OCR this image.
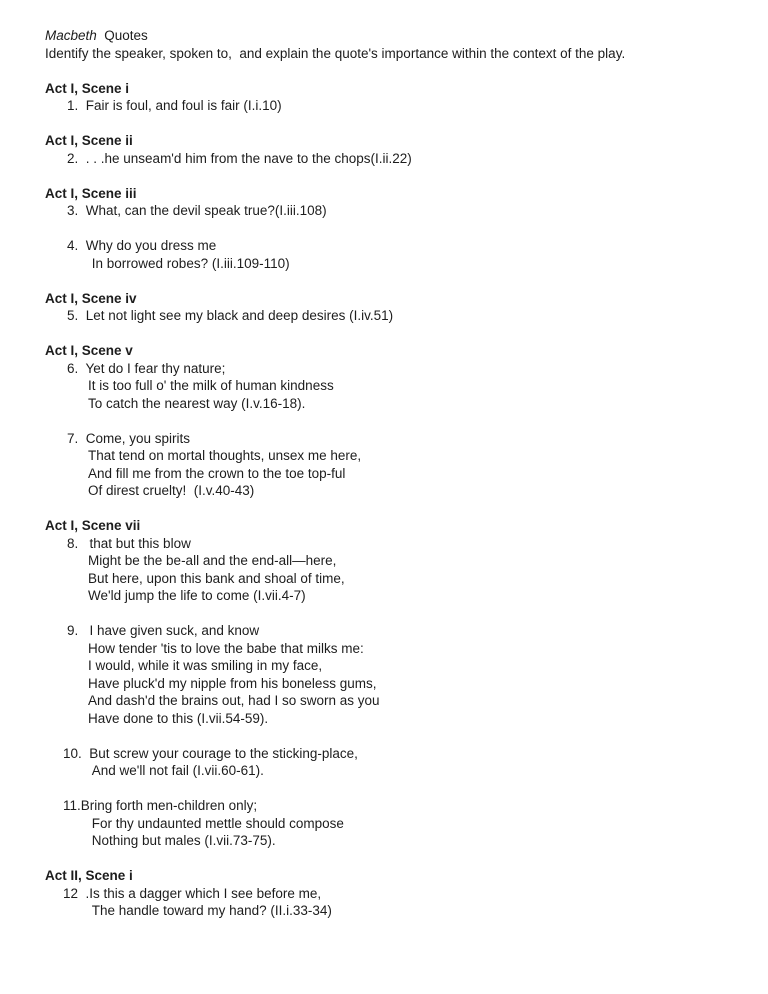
Macbeth  Quotes
Identify the speaker, spoken to,  and explain the quote's importance within the context of the play.
Act I, Scene i
1.  Fair is foul, and foul is fair (I.i.10)
Act I, Scene ii
2.  . . .he unseam'd him from the nave to the chops(I.ii.22)
Act I, Scene iii
3.  What, can the devil speak true?(I.iii.108)
4.  Why do you dress me
In borrowed robes? (I.iii.109-110)
Act I, Scene iv
5.  Let not light see my black and deep desires (I.iv.51)
Act I, Scene v
6.  Yet do I fear thy nature;
It is too full o' the milk of human kindness
To catch the nearest way (I.v.16-18).
7.  Come, you spirits
That tend on mortal thoughts, unsex me here,
And fill me from the crown to the toe top-ful
Of direst cruelty!  (I.v.40-43)
Act I, Scene vii
8.   that but this blow
Might be the be-all and the end-all—here,
But here, upon this bank and shoal of time,
We'ld jump the life to come (I.vii.4-7)
9.   I have given suck, and know
How tender 'tis to love the babe that milks me:
I would, while it was smiling in my face,
Have pluck'd my nipple from his boneless gums,
And dash'd the brains out, had I so sworn as you
Have done to this (I.vii.54-59).
10.  But screw your courage to the sticking-place,
And we'll not fail (I.vii.60-61).
11.Bring forth men-children only;
For thy undaunted mettle should compose
Nothing but males (I.vii.73-75).
Act II, Scene i
12  .Is this a dagger which I see before me,
The handle toward my hand? (II.i.33-34)
